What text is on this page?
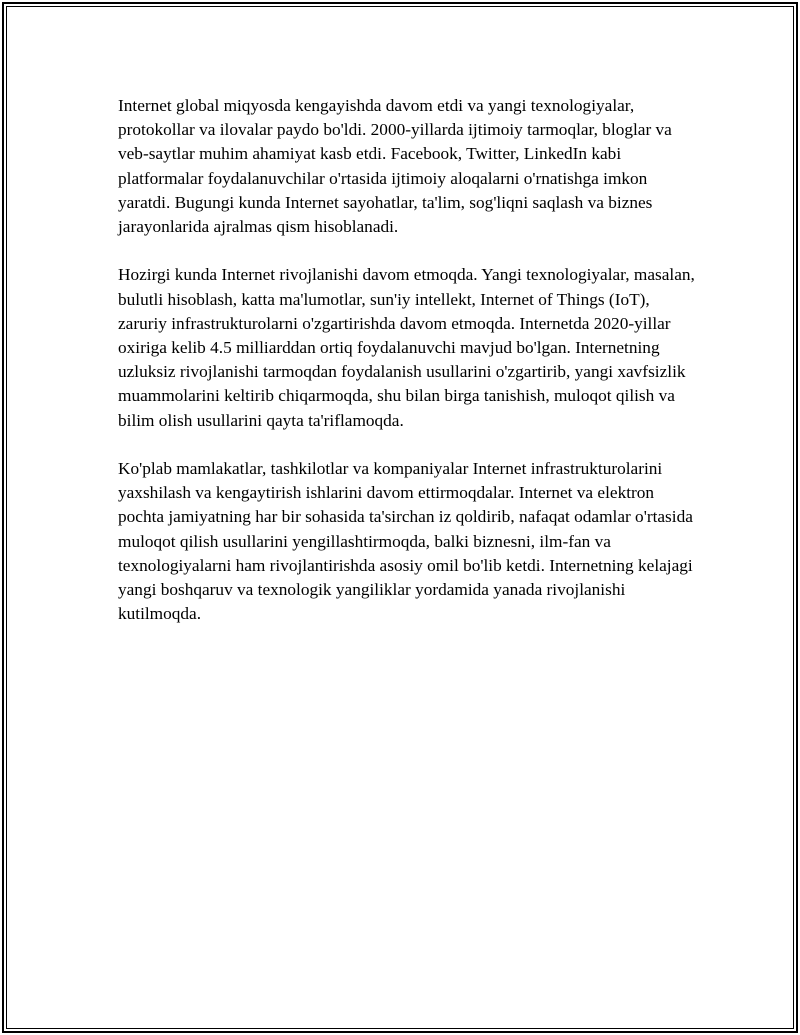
Internet global miqyosda kengayishda davom etdi va yangi texnologiyalar, protokollar va ilovalar paydo bo'ldi. 2000-yillarda ijtimoiy tarmoqlar, bloglar va veb-saytlar muhim ahamiyat kasb etdi. Facebook, Twitter, LinkedIn kabi platformalar foydalanuvchilar o'rtasida ijtimoiy aloqalarni o'rnatishga imkon yaratdi. Bugungi kunda Internet sayohatlar, ta'lim, sog'liqni saqlash va biznes jarayonlarida ajralmas qism hisoblanadi.

Hozirgi kunda Internet rivojlanishi davom etmoqda. Yangi texnologiyalar, masalan, bulutli hisoblash, katta ma'lumotlar, sun'iy intellekt, Internet of Things (IoT), zaruriy infrastrukturolarni o'zgartirishda davom etmoqda. Internetda 2020-yillar oxiriga kelib 4.5 milliarddan ortiq foydalanuvchi mavjud bo'lgan. Internetning uzluksiz rivojlanishi tarmoqdan foydalanish usullarini o'zgartirib, yangi xavfsizlik muammolarini keltirib chiqarmoqda, shu bilan birga tanishish, muloqot qilish va bilim olish usullarini qayta ta'riflamoqda.

Ko'plab mamlakatlar, tashkilotlar va kompaniyalar Internet infrastrukturolarini yaxshilash va kengaytirish ishlarini davom ettirmoqdalar. Internet va elektron pochta jamiyatning har bir sohasida ta'sirchan iz qoldirib, nafaqat odamlar o'rtasida muloqot qilish usullarini yengillashtirmoqda, balki biznesni, ilm-fan va texnologiyalarni ham rivojlantirishda asosiy omil bo'lib ketdi. Internetning kelajagi yangi boshqaruv va texnologik yangiliklar yordamida yanada rivojlanishi kutilmoqda.
